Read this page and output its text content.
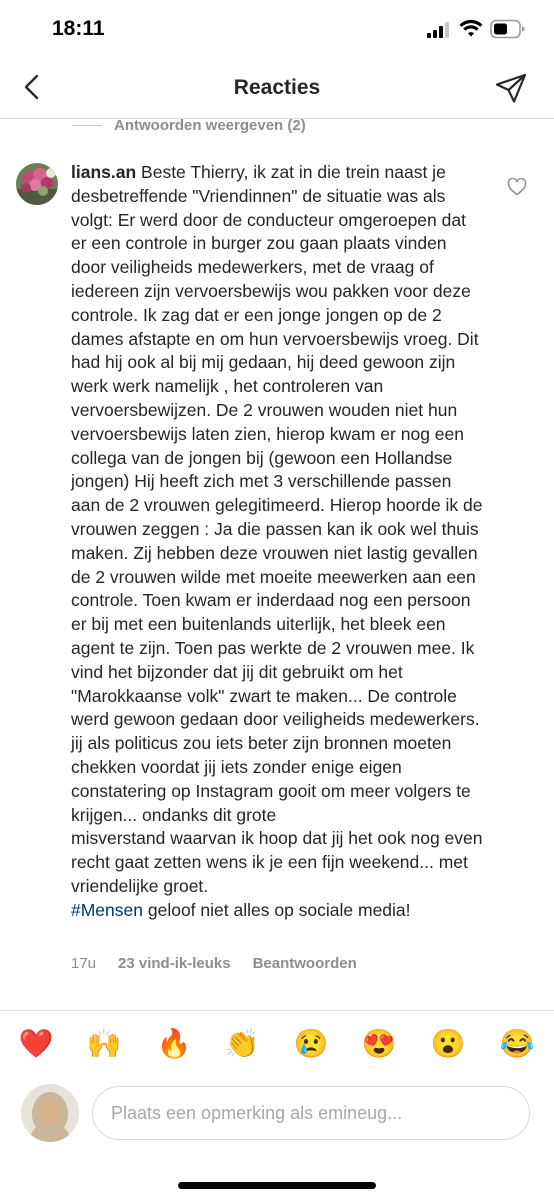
18:11
Reacties
Antwoorden weergeven (2)
lians.an Beste Thierry, ik zat in die trein naast je desbetreffende "Vriendinnen" de situatie was als volgt: Er werd door de conducteur omgeroepen dat er een controle in burger zou gaan plaats vinden door veiligheids medewerkers, met de vraag of iedereen zijn vervoersbewijs wou pakken voor deze controle. Ik zag dat er een jonge jongen op de 2 dames afstapte en om hun vervoersbewijs vroeg. Dit had hij ook al bij mij gedaan, hij deed gewoon zijn werk werk namelijk , het controleren van vervoersbewijzen. De 2 vrouwen wouden niet hun vervoersbewijs laten zien, hierop kwam er nog een collega van de jongen bij (gewoon een Hollandse jongen) Hij heeft zich met 3 verschillende passen aan de 2 vrouwen gelegitimeerd. Hierop hoorde ik de vrouwen zeggen : Ja die passen kan ik ook wel thuis maken. Zij hebben deze vrouwen niet lastig gevallen de 2 vrouwen wilde met moeite meewerken aan een controle. Toen kwam er inderdaad nog een persoon er bij met een buitenlands uiterlijk, het bleek een agent te zijn. Toen pas werkte de 2 vrouwen mee. Ik vind het bijzonder dat jij dit gebruikt om het "Marokkaanse volk" zwart te maken... De controle werd gewoon gedaan door veiligheids medewerkers. jij als politicus zou iets beter zijn bronnen moeten chekken voordat jij iets zonder enige eigen constatering op Instagram gooit om meer volgers te krijgen... ondanks dit grote
misverstand waarvan ik hoop dat jij het ook nog even recht gaat zetten wens ik je een fijn weekend... met vriendelijke groet.
#Mensen geloof niet alles op sociale media!
17u 23 vind-ik-leuks Beantwoorden
❤️ 🙌 🔥 👏 😢 😍 😮 😂
Plaats een opmerking als emineug...
